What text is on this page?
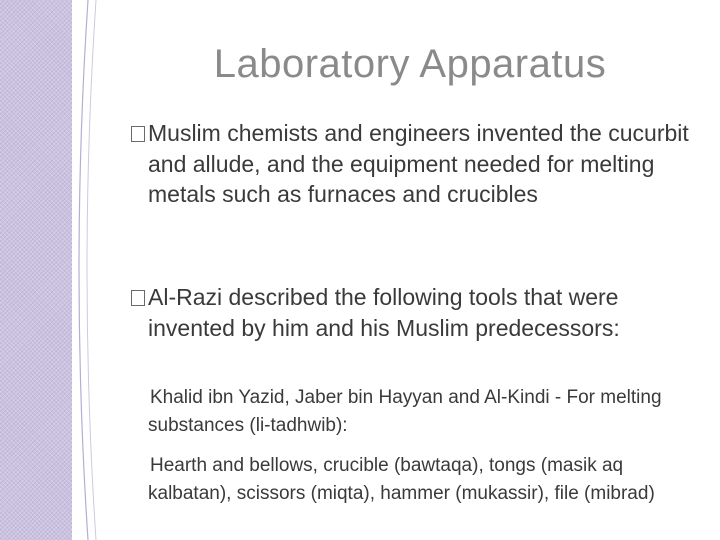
Laboratory Apparatus
Muslim chemists and engineers invented the cucurbit and allude, and the equipment needed for melting metals such as furnaces and crucibles
Al-Razi described the following tools that were invented by him and his Muslim predecessors:
Khalid ibn Yazid, Jaber bin Hayyan and Al-Kindi - For melting substances (li-tadhwib):
Hearth and bellows, crucible (bawtaqa), tongs (masik aq kalbatan), scissors (miqta), hammer (mukassir), file (mibrad)
